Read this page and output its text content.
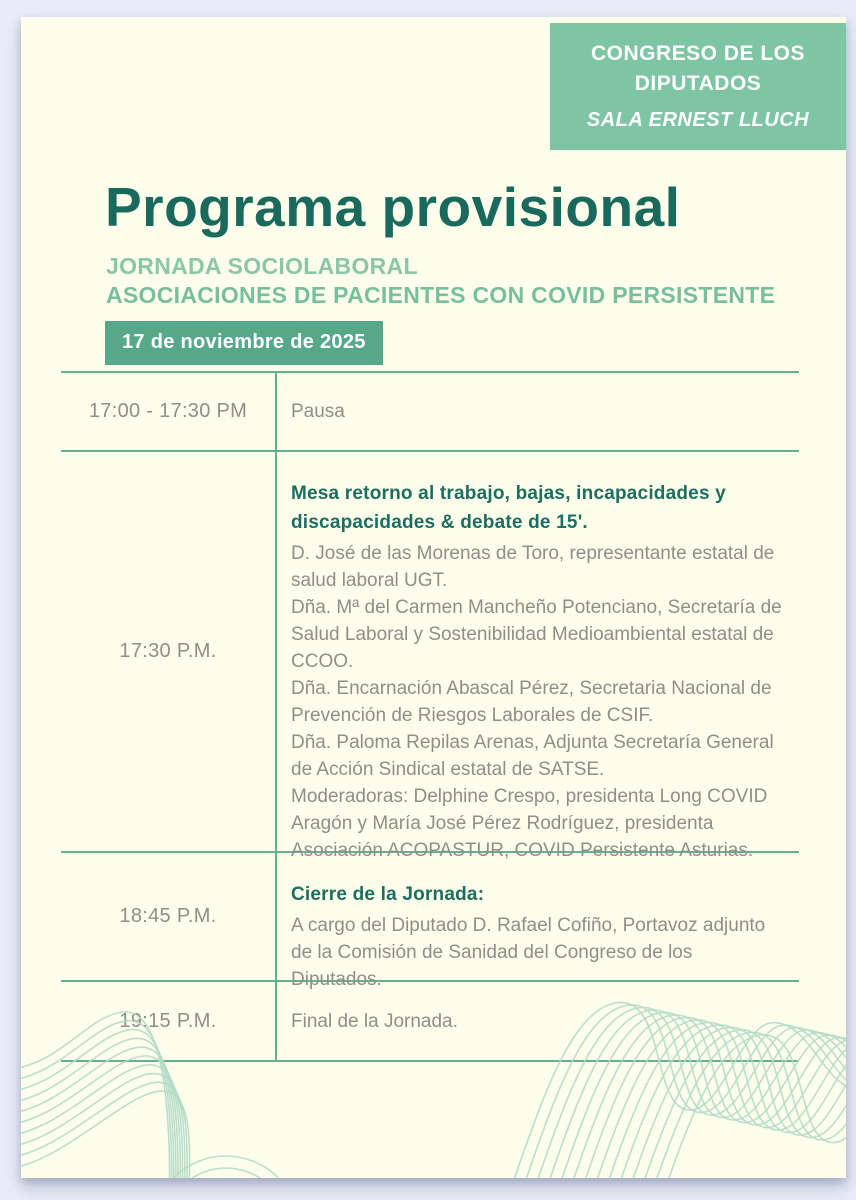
CONGRESO DE LOS DIPUTADOS
SALA ERNEST LLUCH
Programa provisional
JORNADA SOCIOLABORAL
ASOCIACIONES DE PACIENTES CON COVID PERSISTENTE
17 de noviembre de 2025
17:00 - 17:30 PM	Pausa
17:30 P.M.
Mesa retorno al trabajo, bajas, incapacidades y discapacidades & debate de 15'.

D. José de las Morenas de Toro, representante estatal de salud laboral UGT.

Dña. Mª del Carmen Mancheño Potenciano, Secretaría de Salud Laboral y Sostenibilidad Medioambiental estatal de CCOO.

Dña. Encarnación Abascal Pérez, Secretaria Nacional de Prevención de Riesgos Laborales de CSIF.

Dña. Paloma Repilas Arenas, Adjunta Secretaría General de Acción Sindical estatal de SATSE.

Moderadoras: Delphine Crespo, presidenta Long COVID Aragón y María José Pérez Rodríguez, presidenta Asociación ACOPASTUR, COVID Persistente Asturias.

18:45 P.M.
Cierre de la Jornada:

A cargo del Diputado D. Rafael Cofiño, Portavoz adjunto de la Comisión de Sanidad del Congreso de los Diputados.

19:15 P.M.	Final de la Jornada.
